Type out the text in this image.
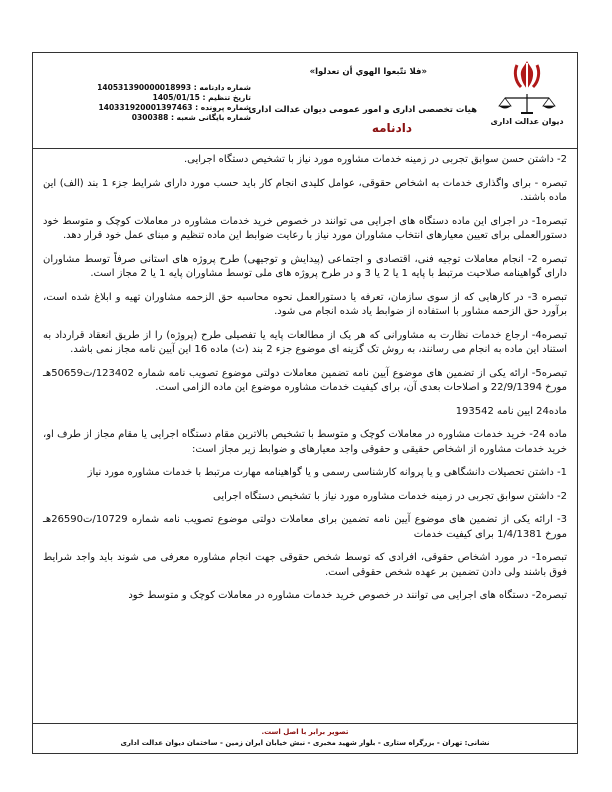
دیوان عدالت اداری
«فلا تتّبعوا الهوي أن تعدلوا»
هیات تخصصی اداری و امور عمومی دیوان عدالت اداری
دادنامه
شماره دادنامه : 140531390000018993
تاریخ تنظیم : 1405/01/15
شماره پرونده : 140331920001397463
شماره بایگانی شعبه : 0300388

2- داشتن حسن سوابق تجربی در زمینه خدمات مشاوره مورد نیاز با تشخیص دستگاه اجرایی.

تبصره - برای واگذاری خدمات به اشخاص حقوقی، عوامل کلیدی انجام کار باید حسب مورد دارای شرایط جزء 1 بند (الف) این ماده باشند.

تبصره1- در اجرای این ماده دستگاه های اجرایی می توانند در خصوص خرید خدمات مشاوره در معاملات کوچک و متوسط خود دستورالعملی برای تعیین معیارهای انتخاب مشاوران مورد نیاز با رعایت ضوابط این ماده تنظیم و مبنای عمل خود قرار دهد.

تبصره 2- انجام معاملات توجیه فنی، اقتصادی و اجتماعی (پیدایش و توجیهی) طرح پروژه های استانی صرفاً توسط مشاوران دارای گواهینامه صلاحیت مرتبط با پایه 1 یا 2 یا 3 و در طرح پروژه های ملی توسط مشاوران پایه 1 یا 2 مجاز است.

تبصره 3- در کارهایی که از سوی سازمان، تعرفه یا دستورالعمل نحوه محاسبه حق الزحمه مشاوران تهیه و ابلاغ شده است، برآورد حق الزحمه مشاور با استفاده از ضوابط یاد شده انجام می شود.

تبصره4- ارجاع خدمات نظارت به مشاورانی که هر یک از مطالعات پایه یا تفصیلی طرح (پروژه) را از طریق انعقاد قرارداد به استناد این ماده به انجام می رسانند، به روش تک گزینه ای موضوع جزء 2 بند (ث) ماده 16 این آیین نامه مجاز نمی باشد.

تبصره5- ارائه یکی از تضمین های موضوع آیین نامه تضمین معاملات دولتی موضوع تصویب نامه شماره 123402/ت50659هـ مورخ 22/9/1394 و اصلاحات بعدی آن، برای کیفیت خدمات مشاوره موضوع این ماده الزامی است.

ماده24 ایین نامه 193542

ماده 24- خرید خدمات مشاوره در معاملات کوچک و متوسط با تشخیص بالاترین مقام دستگاه اجرایی یا مقام مجاز از طرف او، خرید خدمات مشاوره از اشخاص حقیقی و حقوقی واجد معیارهای و ضوابط زیر مجاز است:

1- داشتن تحصیلات دانشگاهی و یا پروانه کارشناسی رسمی و یا گواهینامه مهارت مرتبط با خدمات مشاوره مورد نیاز

2- داشتن سوابق تجربی در زمینه خدمات مشاوره مورد نیاز با تشخیص دستگاه اجرایی

3- ارائه یکی از تضمین های موضوع آیین نامه تضمین برای معاملات دولتی موضوع تصویب نامه شماره 10729/ت26590هـ مورخ 1/4/1381 برای کیفیت خدمات

تبصره1- در مورد اشخاص حقوقی، افرادی که توسط شخص حقوقی جهت انجام مشاوره معرفی می شوند باید واجد شرایط فوق باشند ولی دادن تضمین بر عهده شخص حقوقی است.

تبصره2- دستگاه های اجرایی می توانند در خصوص خرید خدمات مشاوره در معاملات کوچک و متوسط خود

تصویر برابر با اصل است.
نشانی: تهران - بزرگراه ستاری - بلوار شهید مخبری - نبش خیابان ایران زمین - ساختمان دیوان عدالت اداری
